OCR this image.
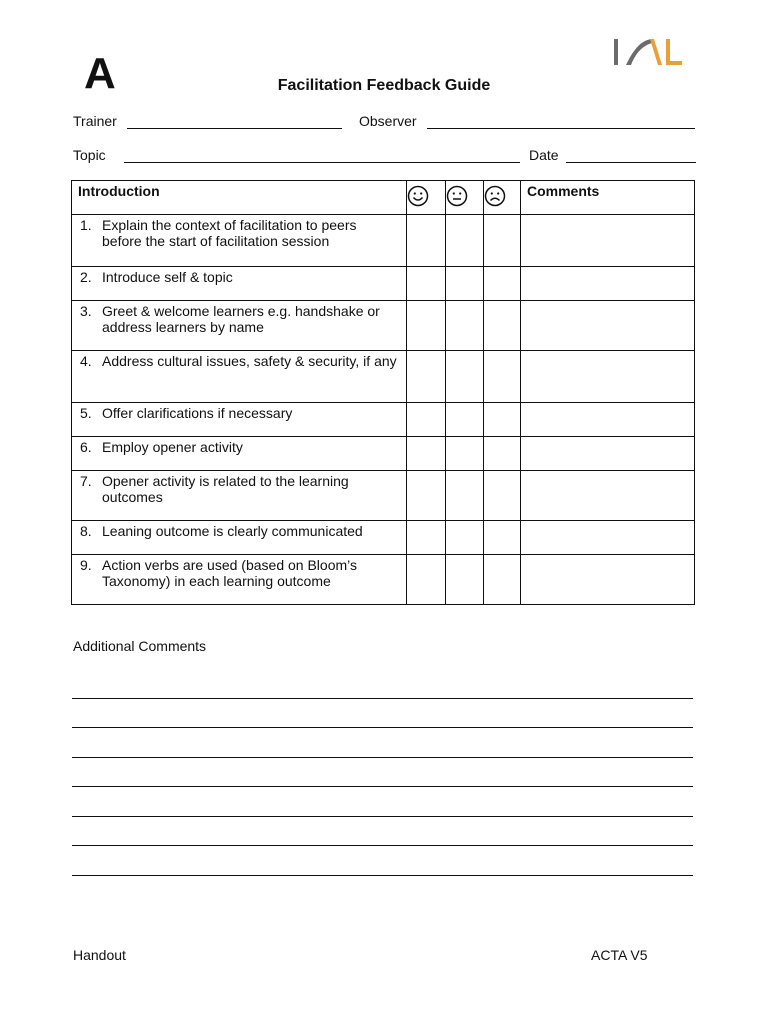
A	Facilitation Feedback Guide
Trainer	Observer
Topic	Date
Introduction				Comments

1. Explain the context of facilitation to peers before the start of facilitation session				

2. Introduce self & topic				

3. Greet & welcome learners e.g. handshake or address learners by name				

4. Address cultural issues, safety & security, if any				

5. Offer clarifications if necessary				

6. Employ opener activity				

7. Opener activity is related to the learning outcomes				

8. Leaning outcome is clearly communicated				

9. Action verbs are used (based on Bloom’s Taxonomy) in each learning outcome				

Additional Comments
Handout	ACTA V5
